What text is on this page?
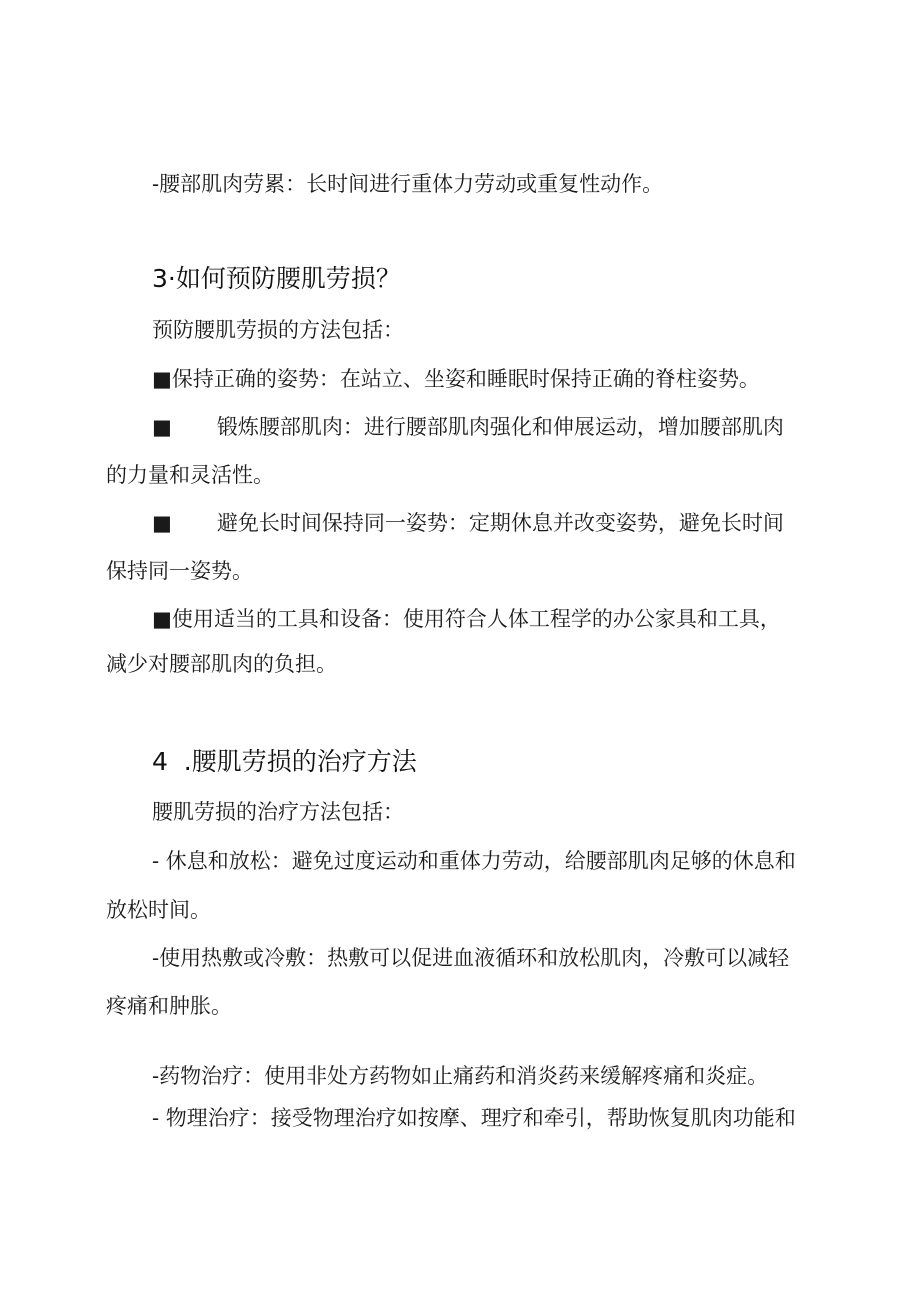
-腰部肌肉劳累：长时间进行重体力劳动或重复性动作。
3·如何预防腰肌劳损？
预防腰肌劳损的方法包括：
■保持正确的姿势：在站立、坐姿和睡眠时保持正确的脊柱姿势。
■ 锻炼腰部肌肉：进行腰部肌肉强化和伸展运动，增加腰部肌肉
的力量和灵活性。
■ 避免长时间保持同一姿势：定期休息并改变姿势，避免长时间
保持同一姿势。
■使用适当的工具和设备：使用符合人体工程学的办公家具和工具，
减少对腰部肌肉的负担。
4  .腰肌劳损的治疗方法
腰肌劳损的治疗方法包括：
- 休息和放松：避免过度运动和重体力劳动，给腰部肌肉足够的休息和
放松时间。
-使用热敷或冷敷：热敷可以促进血液循环和放松肌肉，冷敷可以减轻
疼痛和肿胀。
-药物治疗：使用非处方药物如止痛药和消炎药来缓解疼痛和炎症。
- 物理治疗：接受物理治疗如按摩、理疗和牵引，帮助恢复肌肉功能和
